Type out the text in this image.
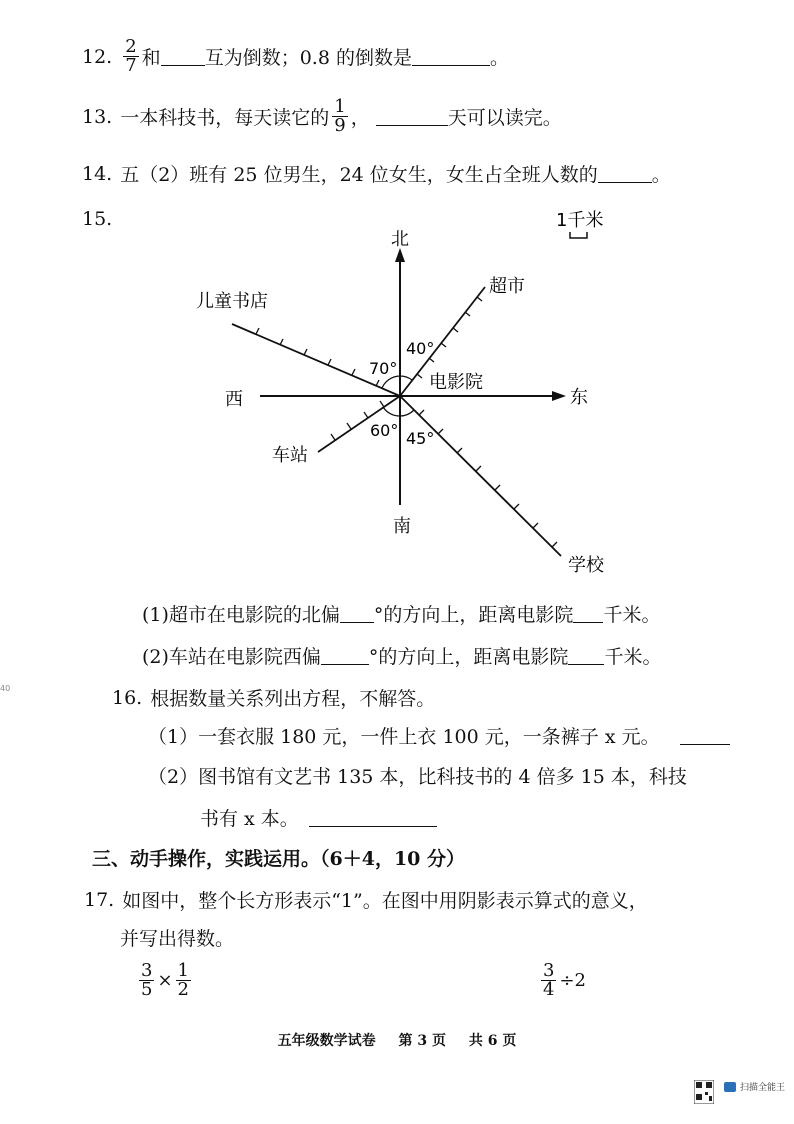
12. $\frac{2}{7}$ 和 互为倒数；0.8 的倒数是	。
13. 一本科技书，每天读它的 $\frac{1}{9}$ ，	天可以读完。
14. 五（2）班有 25 位男生，24 位女生，女生占全班人数的	。
15.	1千米
北
南
东
西
超市
儿童书店
电影院
车站
学校
40°
70°
60° 45°
(1)超市在电影院的北偏 °的方向上，距离电影院 千米。
(2)车站在电影院西偏	°的方向上，距离电影院 千米。
16. 根据数量关系列出方程，不解答。
（1）一套衣服 180 元，一件上衣 100 元，一条裤子 x 元。
（2）图书馆有文艺书 135 本，比科技书的 4 倍多 15 本，科技
书有 x 本。
三、动手操作，实践运用。（6＋4，10 分）
17. 如图中，整个长方形表示“1”。在图中用阴影表示算式的意义，
并写出得数。
$\frac{3}{5} \times \frac{1}{2}$	$\frac{3}{4} \div 2$
五年级数学试卷 第 3 页 共 6 页
扫描全能王
40
